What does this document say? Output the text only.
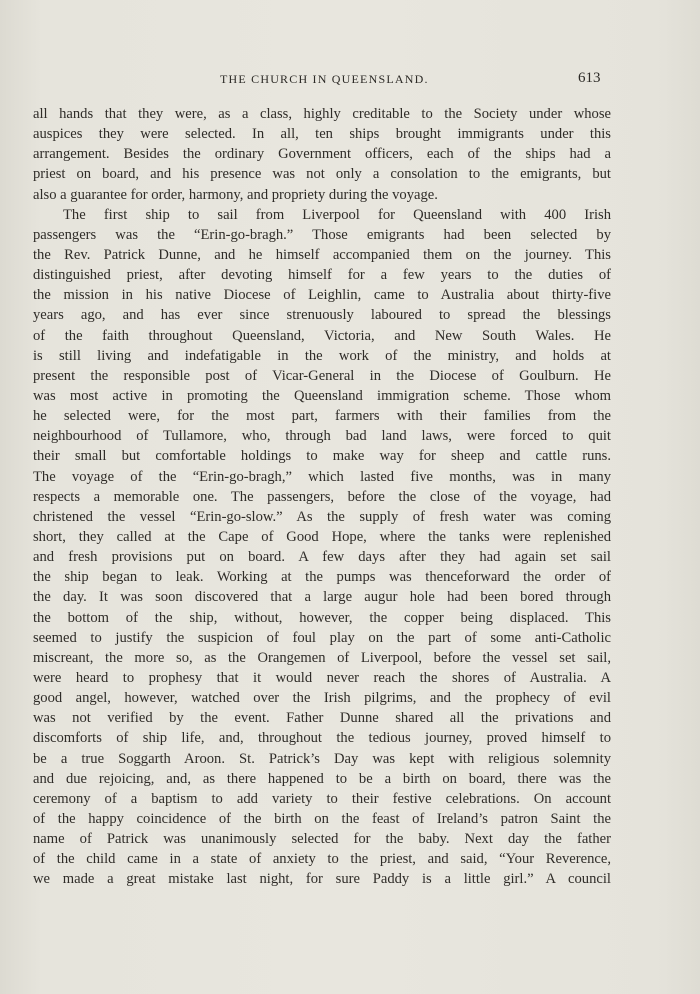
THE CHURCH IN QUEENSLAND.	613
all hands that they were, as a class, highly creditable to the Society under whose
auspices they were selected. In all, ten ships brought immigrants under this
arrangement. Besides the ordinary Government officers, each of the ships had a
priest on board, and his presence was not only a consolation to the emigrants, but
also a guarantee for order, harmony, and propriety during the voyage.
The first ship to sail from Liverpool for Queensland with 400 Irish
passengers was the “Erin-go-bragh.” Those emigrants had been selected by
the Rev. Patrick Dunne, and he himself accompanied them on the journey. This
distinguished priest, after devoting himself for a few years to the duties of
the mission in his native Diocese of Leighlin, came to Australia about thirty-five
years ago, and has ever since strenuously laboured to spread the blessings
of the faith throughout Queensland, Victoria, and New South Wales. He
is still living and indefatigable in the work of the ministry, and holds at
present the responsible post of Vicar-General in the Diocese of Goulburn. He
was most active in promoting the Queensland immigration scheme. Those whom
he selected were, for the most part, farmers with their families from the
neighbourhood of Tullamore, who, through bad land laws, were forced to quit
their small but comfortable holdings to make way for sheep and cattle runs.
The voyage of the “Erin-go-bragh,” which lasted five months, was in many
respects a memorable one. The passengers, before the close of the voyage, had
christened the vessel “Erin-go-slow.” As the supply of fresh water was coming
short, they called at the Cape of Good Hope, where the tanks were replenished
and fresh provisions put on board. A few days after they had again set sail
the ship began to leak. Working at the pumps was thenceforward the order of
the day. It was soon discovered that a large augur hole had been bored through
the bottom of the ship, without, however, the copper being displaced. This
seemed to justify the suspicion of foul play on the part of some anti-Catholic
miscreant, the more so, as the Orangemen of Liverpool, before the vessel set sail,
were heard to prophesy that it would never reach the shores of Australia. A
good angel, however, watched over the Irish pilgrims, and the prophecy of evil
was not verified by the event. Father Dunne shared all the privations and
discomforts of ship life, and, throughout the tedious journey, proved himself to
be a true Soggarth Aroon. St. Patrick’s Day was kept with religious solemnity
and due rejoicing, and, as there happened to be a birth on board, there was the
ceremony of a baptism to add variety to their festive celebrations. On account
of the happy coincidence of the birth on the feast of Ireland’s patron Saint the
name of Patrick was unanimously selected for the baby. Next day the father
of the child came in a state of anxiety to the priest, and said, “Your Reverence,
we made a great mistake last night, for sure Paddy is a little girl.” A council
